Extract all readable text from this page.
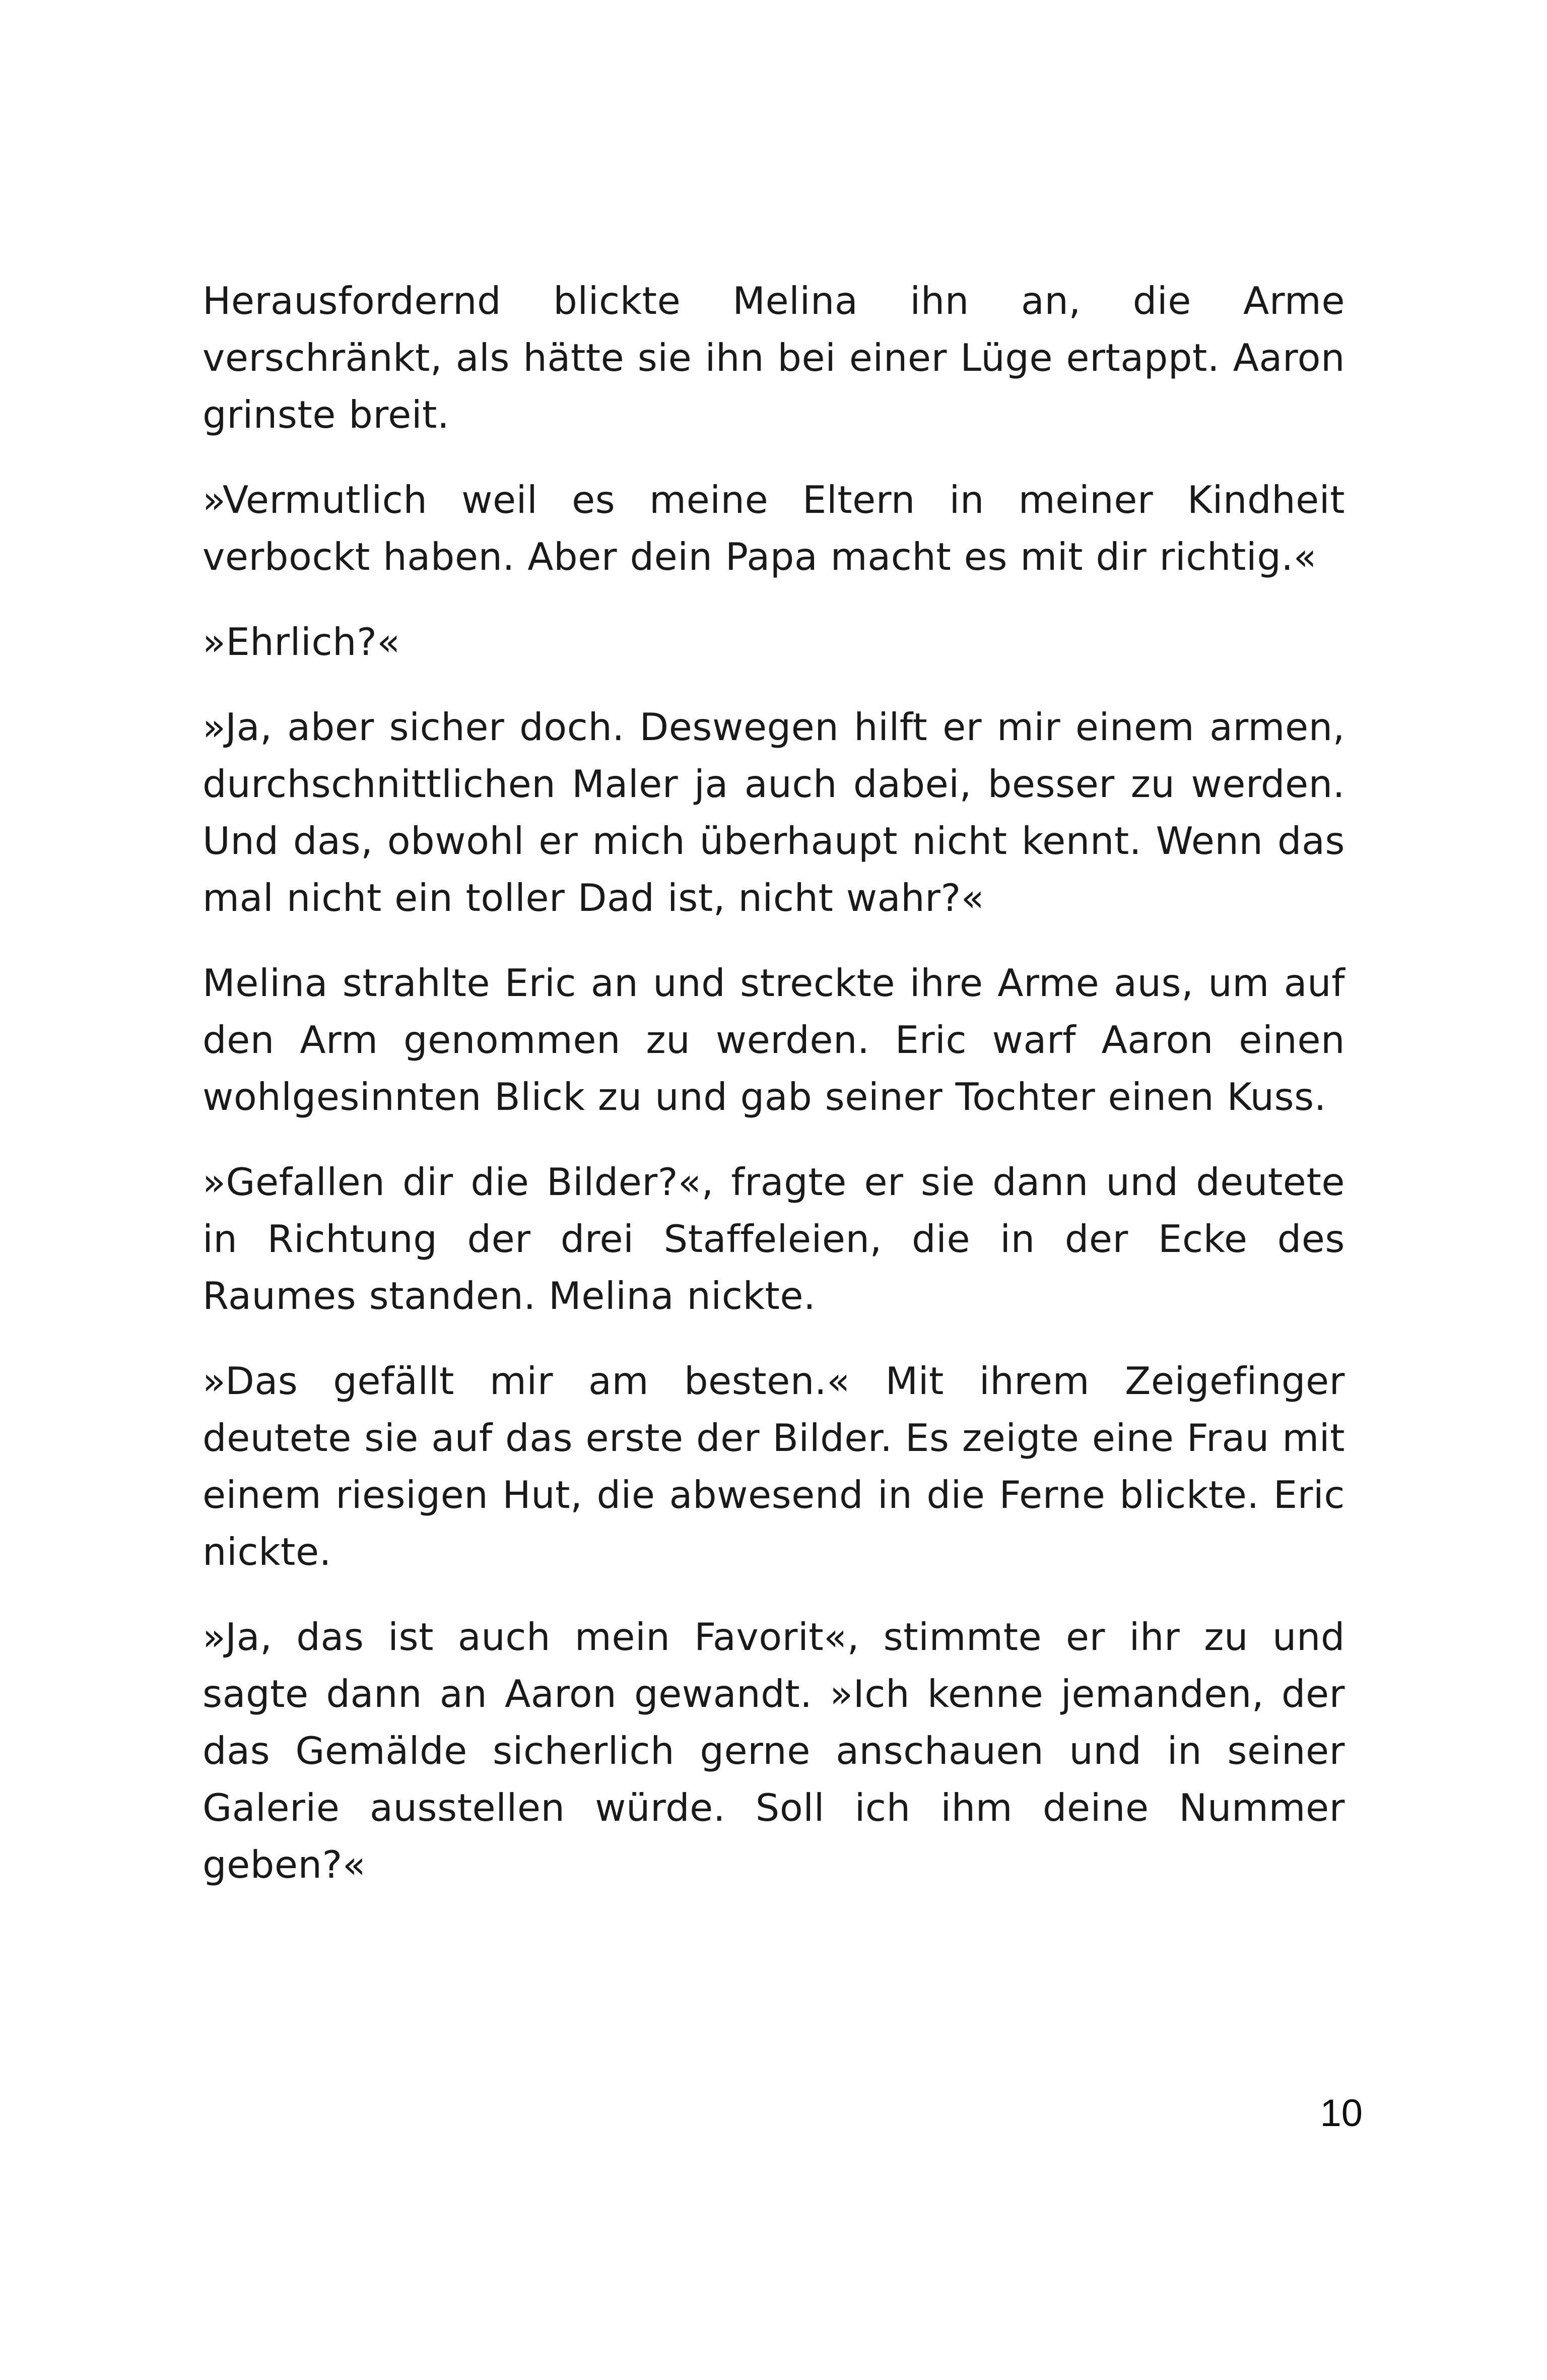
Herausfordernd blickte Melina ihn an, die Arme verschränkt, als hätte sie ihn bei einer Lüge ertappt. Aaron grinste breit.

»Vermutlich weil es meine Eltern in meiner Kindheit verbockt haben. Aber dein Papa macht es mit dir richtig.«

»Ehrlich?«

»Ja, aber sicher doch. Deswegen hilft er mir einem armen, durchschnittlichen Maler ja auch dabei, besser zu werden. Und das, obwohl er mich überhaupt nicht kennt. Wenn das mal nicht ein toller Dad ist, nicht wahr?«

Melina strahlte Eric an und streckte ihre Arme aus, um auf den Arm genommen zu werden. Eric warf Aaron einen wohlgesinnten Blick zu und gab seiner Tochter einen Kuss.

»Gefallen dir die Bilder?«, fragte er sie dann und deutete in Richtung der drei Staffeleien, die in der Ecke des Raumes standen. Melina nickte.

»Das gefällt mir am besten.« Mit ihrem Zeigefinger deutete sie auf das erste der Bilder. Es zeigte eine Frau mit einem riesigen Hut, die abwesend in die Ferne blickte. Eric nickte.

»Ja, das ist auch mein Favorit«, stimmte er ihr zu und sagte dann an Aaron gewandt. »Ich kenne jemanden, der das Gemälde sicherlich gerne anschauen und in seiner Galerie ausstellen würde. Soll ich ihm deine Nummer geben?«

10
